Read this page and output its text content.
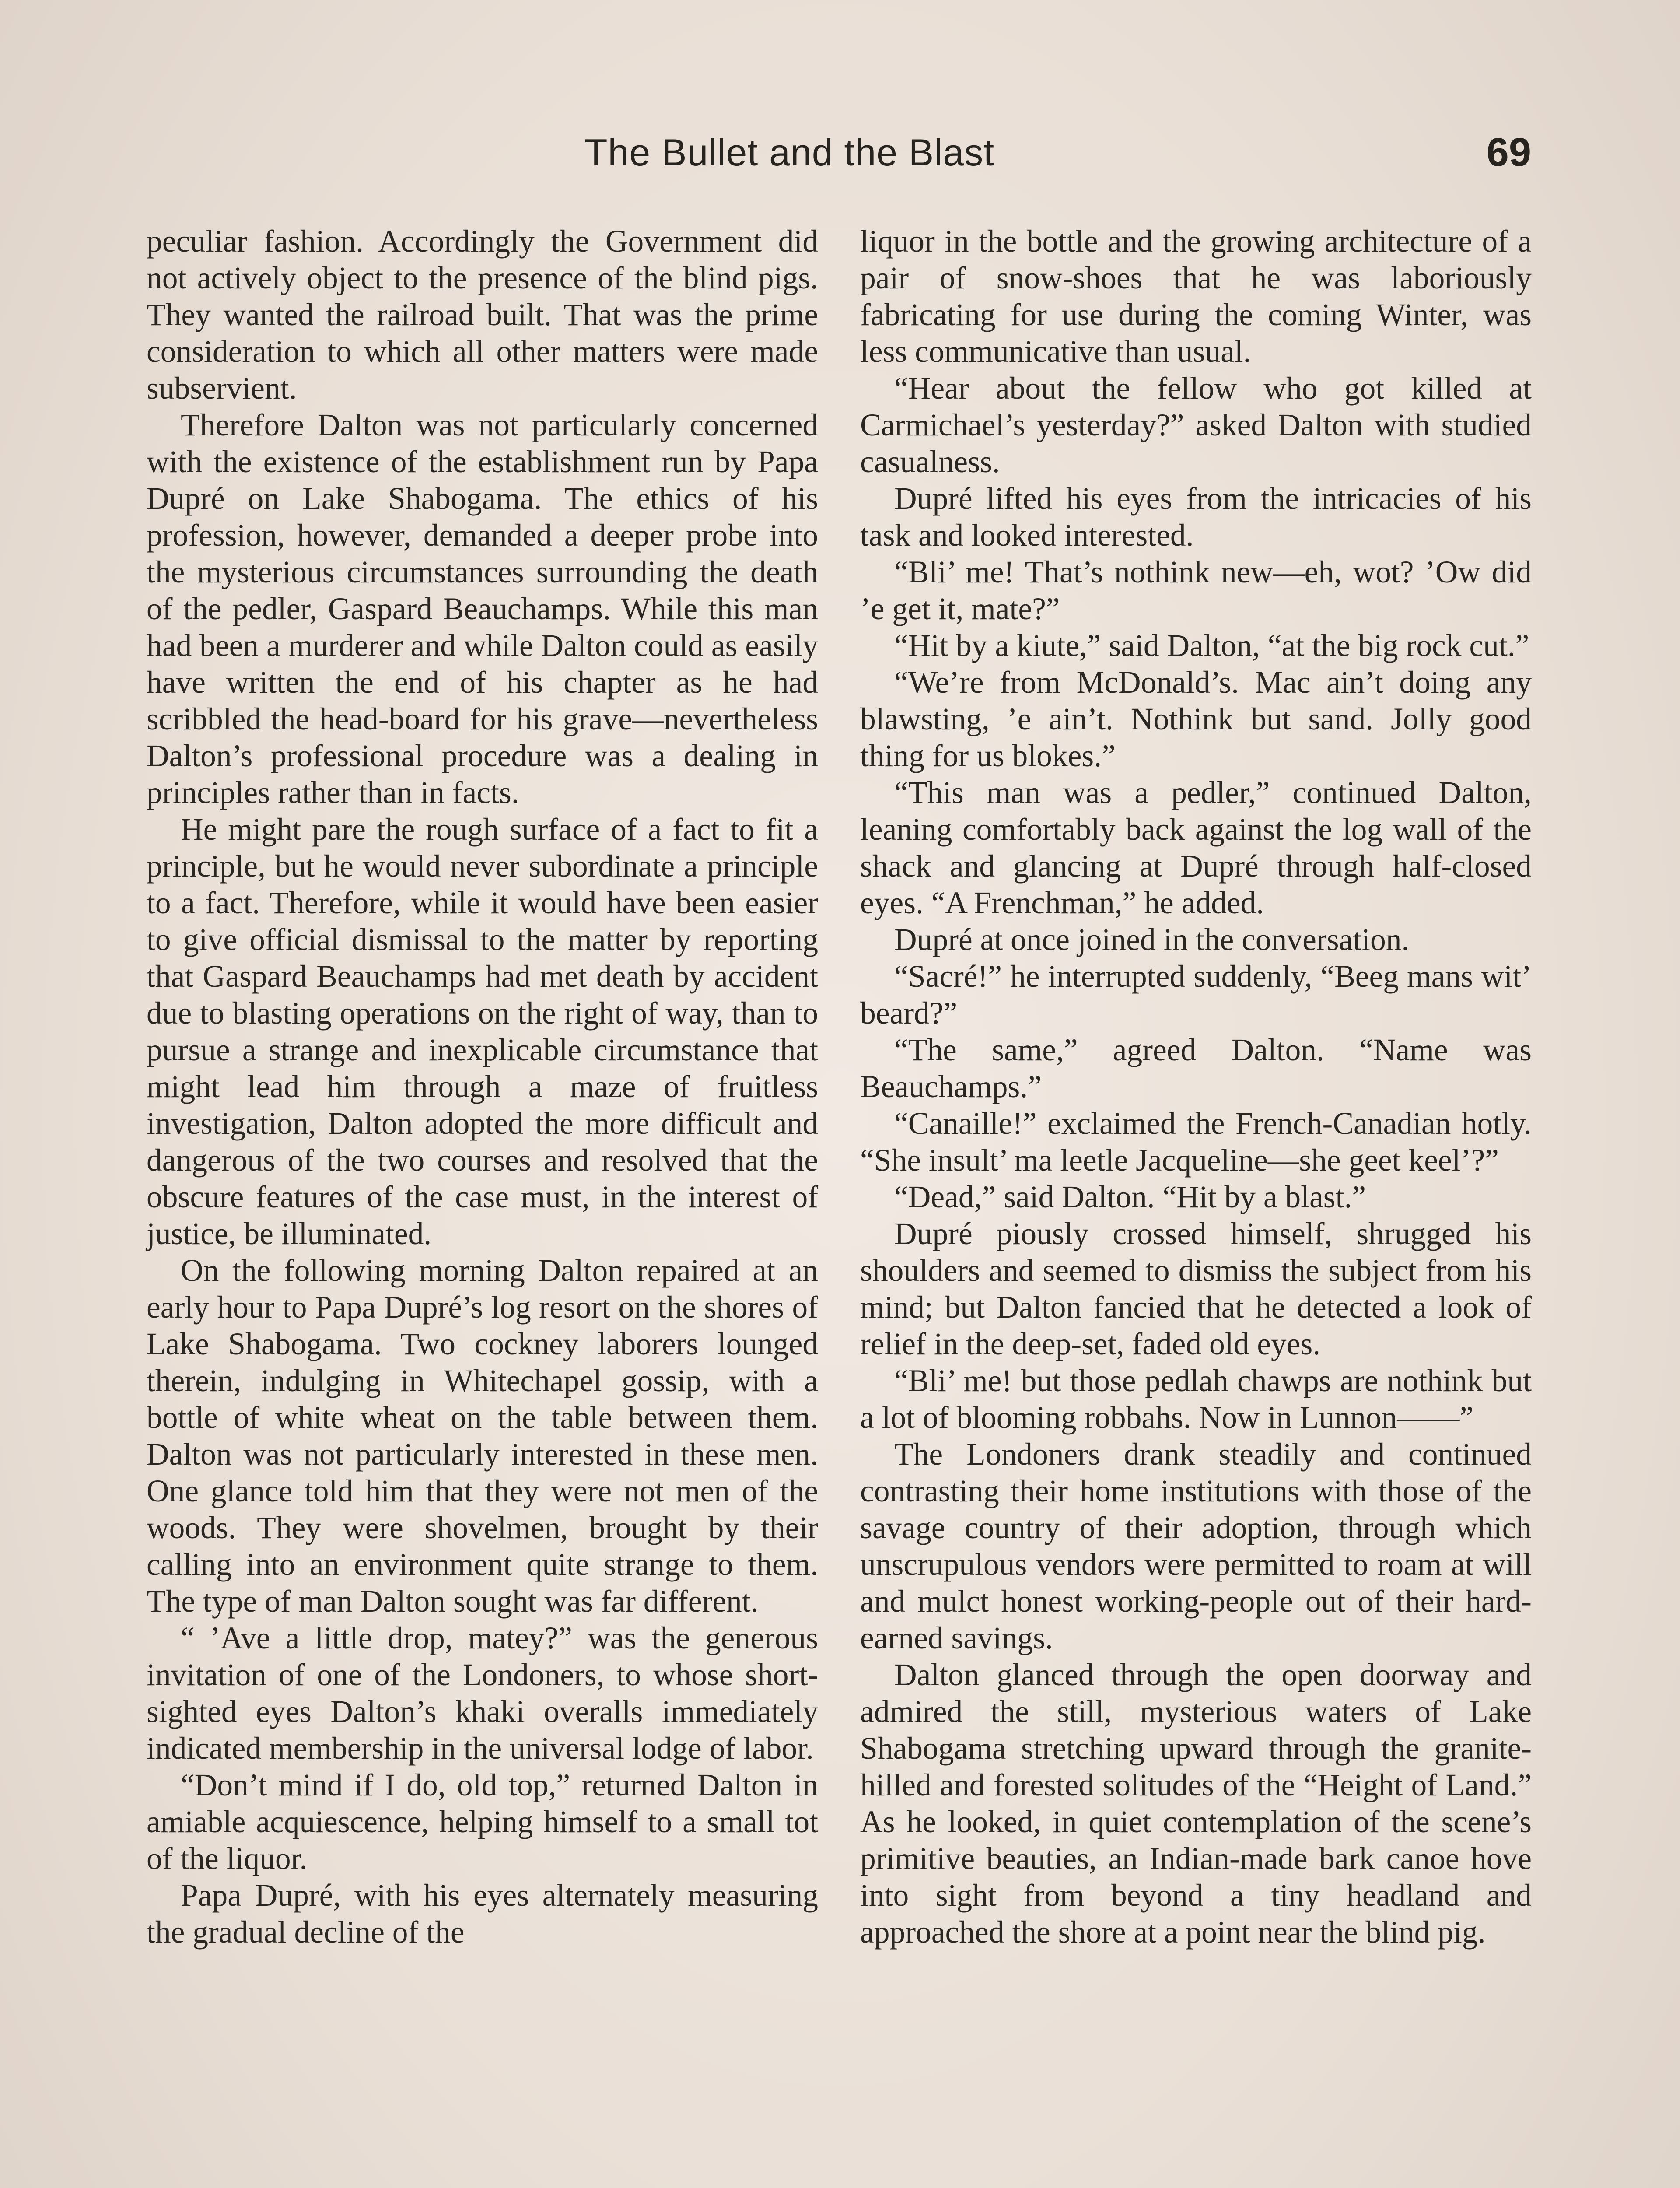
The Bullet and the Blast	69

peculiar fashion. Accordingly the Government did not actively object to the presence of the blind pigs. They wanted the railroad built. That was the prime consideration to which all other matters were made subservient.

Therefore Dalton was not particularly concerned with the existence of the establishment run by Papa Dupré on Lake Shabogama. The ethics of his profession, however, demanded a deeper probe into the mysterious circumstances surrounding the death of the pedler, Gaspard Beauchamps. While this man had been a murderer and while Dalton could as easily have written the end of his chapter as he had scribbled the head-board for his grave—nevertheless Dalton’s professional procedure was a dealing in principles rather than in facts.

He might pare the rough surface of a fact to fit a principle, but he would never subordinate a principle to a fact. Therefore, while it would have been easier to give official dismissal to the matter by reporting that Gaspard Beauchamps had met death by accident due to blasting operations on the right of way, than to pursue a strange and inexplicable circumstance that might lead him through a maze of fruitless investigation, Dalton adopted the more difficult and dangerous of the two courses and resolved that the obscure features of the case must, in the interest of justice, be illuminated.

On the following morning Dalton repaired at an early hour to Papa Dupré’s log resort on the shores of Lake Shabogama. Two cockney laborers lounged therein, indulging in Whitechapel gossip, with a bottle of white wheat on the table between them. Dalton was not particularly interested in these men. One glance told him that they were not men of the woods. They were shovelmen, brought by their calling into an environment quite strange to them. The type of man Dalton sought was far different.

“ ’Ave a little drop, matey?” was the generous invitation of one of the Londoners, to whose short-sighted eyes Dalton’s khaki overalls immediately indicated membership in the universal lodge of labor.

“Don’t mind if I do, old top,” returned Dalton in amiable acquiescence, helping himself to a small tot of the liquor.

Papa Dupré, with his eyes alternately measuring the gradual decline of the

liquor in the bottle and the growing architecture of a pair of snow-shoes that he was laboriously fabricating for use during the coming Winter, was less communicative than usual.

“Hear about the fellow who got killed at Carmichael’s yesterday?” asked Dalton with studied casualness.

Dupré lifted his eyes from the intricacies of his task and looked interested.

“Bli’ me! That’s nothink new—eh, wot? ’Ow did ’e get it, mate?”

“Hit by a kiute,” said Dalton, “at the big rock cut.”

“We’re from McDonald’s. Mac ain’t doing any blawsting, ’e ain’t. Nothink but sand. Jolly good thing for us blokes.”

“This man was a pedler,” continued Dalton, leaning comfortably back against the log wall of the shack and glancing at Dupré through half-closed eyes. “A Frenchman,” he added.

Dupré at once joined in the conversation.

“Sacré!” he interrupted suddenly, “Beeg mans wit’ beard?”

“The same,” agreed Dalton. “Name was Beauchamps.”

“Canaille!” exclaimed the French-Canadian hotly. “She insult’ ma leetle Jacqueline—she geet keel’?”

“Dead,” said Dalton. “Hit by a blast.”

Dupré piously crossed himself, shrugged his shoulders and seemed to dismiss the subject from his mind; but Dalton fancied that he detected a look of relief in the deep-set, faded old eyes.

“Bli’ me! but those pedlah chawps are nothink but a lot of blooming robbahs. Now in Lunnon——”

The Londoners drank steadily and continued contrasting their home institutions with those of the savage country of their adoption, through which unscrupulous vendors were permitted to roam at will and mulct honest working-people out of their hard-earned savings.

Dalton glanced through the open doorway and admired the still, mysterious waters of Lake Shabogama stretching upward through the granite-hilled and forested solitudes of the “Height of Land.” As he looked, in quiet contemplation of the scene’s primitive beauties, an Indian-made bark canoe hove into sight from beyond a tiny headland and approached the shore at a point near the blind pig.
